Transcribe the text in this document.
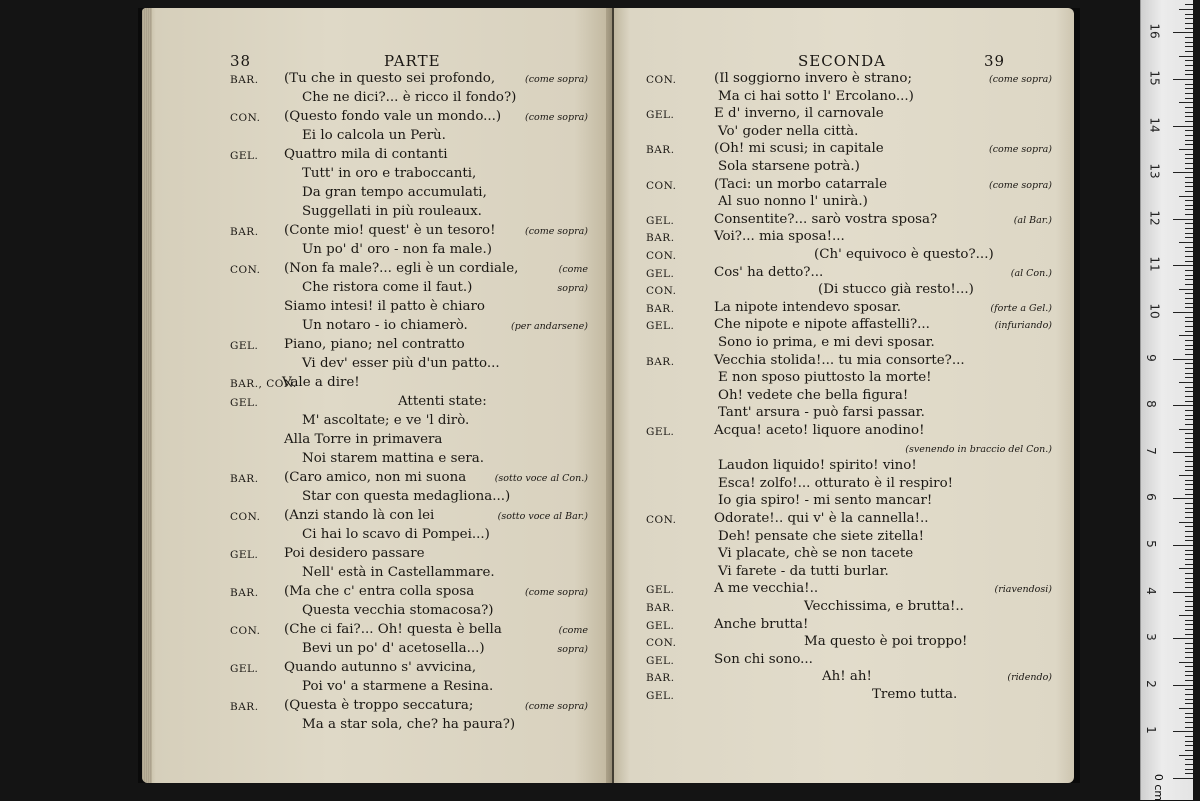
38	PARTE
BAR. (Tu che in questo sei profondo,	(come sopra)
Che ne dici?... è ricco il fondo?)
CON. (Questo fondo vale un mondo...)	(come sopra)
Ei lo calcola un Perù.
GEL. Quattro mila di contanti
Tutt' in oro e traboccanti,
Da gran tempo accumulati,
Suggellati in più rouleaux.
BAR. (Conte mio! quest' è un tesoro!	(come sopra)
Un po' d' oro - non fa male.)
CON. (Non fa male?... egli è un cordiale,	(come
Che ristora come il faut.)	sopra)
Siamo intesi! il patto è chiaro
Un notaro - io chiamerò.	(per andarsene)
GEL. Piano, piano; nel contratto
Vi dev' esser più d'un patto...
BAR., CON.
Vale a dire!
GEL.	Attenti state:
M' ascoltate; e ve 'l dirò.
Alla Torre in primavera
Noi starem mattina e sera.
BAR. (Caro amico, non mi suona	(sotto voce al Con.)
Star con questa medagliona...)
CON. (Anzi stando là con lei	(sotto voce al Bar.)
Ci hai lo scavo di Pompei...)
GEL. Poi desidero passare
Nell' està in Castellammare.
BAR. (Ma che c' entra colla sposa	(come sopra)
Questa vecchia stomacosa?)
CON. (Che ci fai?... Oh! questa è bella	(come
Bevi un po' d' acetosella...)	sopra)
GEL. Quando autunno s' avvicina,
Poi vo' a starmene a Resina.
BAR. (Questa è troppo seccatura;	(come sopra)
Ma a star sola, che? ha paura?)
SECONDA	39
CON.	(Il soggiorno invero è strano;	(come sopra)
Ma ci hai sotto l' Ercolano...)
GEL.	E d' inverno, il carnovale
Vo' goder nella città.
BAR.	(Oh! mi scusi; in capitale	(come sopra)
Sola starsene potrà.)
CON.	(Taci: un morbo catarrale	(come sopra)
Al suo nonno l' unirà.)
GEL.	Consentite?... sarò vostra sposa?	(al Bar.)
BAR.	Voi?... mia sposa!...
CON.	(Ch' equivoco è questo?...)
GEL.	Cos' ha detto?...	(al Con.)
CON.	(Di stucco già resto!...)
BAR.	La nipote intendevo sposar.	(forte a Gel.)
GEL.	Che nipote e nipote affastelli?...	(infuriando)
Sono io prima, e mi devi sposar.
BAR.	Vecchia stolida!... tu mia consorte?...
E non sposo piuttosto la morte!
Oh! vedete che bella figura!
Tant' arsura - può farsi passar.
GEL.	Acqua! aceto! liquore anodino!
(svenendo in braccio del Con.)
Laudon liquido! spirito! vino!
Esca! zolfo!... otturato è il respiro!
Io gia spiro! - mi sento mancar!
CON.	Odorate!.. qui v' è la cannella!..
Deh! pensate che siete zitella!
Vi placate, chè se non tacete
Vi farete - da tutti burlar.
GEL.	A me vecchia!..	(riavendosi)
BAR.	Vecchissima, e brutta!..
GEL.	Anche brutta!
CON.	Ma questo è poi troppo!
GEL.	Son chi sono...
BAR.	Ah! ah!	(ridendo)
GEL.	Tremo tutta.
16
15
14
13
12
11
10
9
8
7
6
5
4
3
2
1
0 cm
